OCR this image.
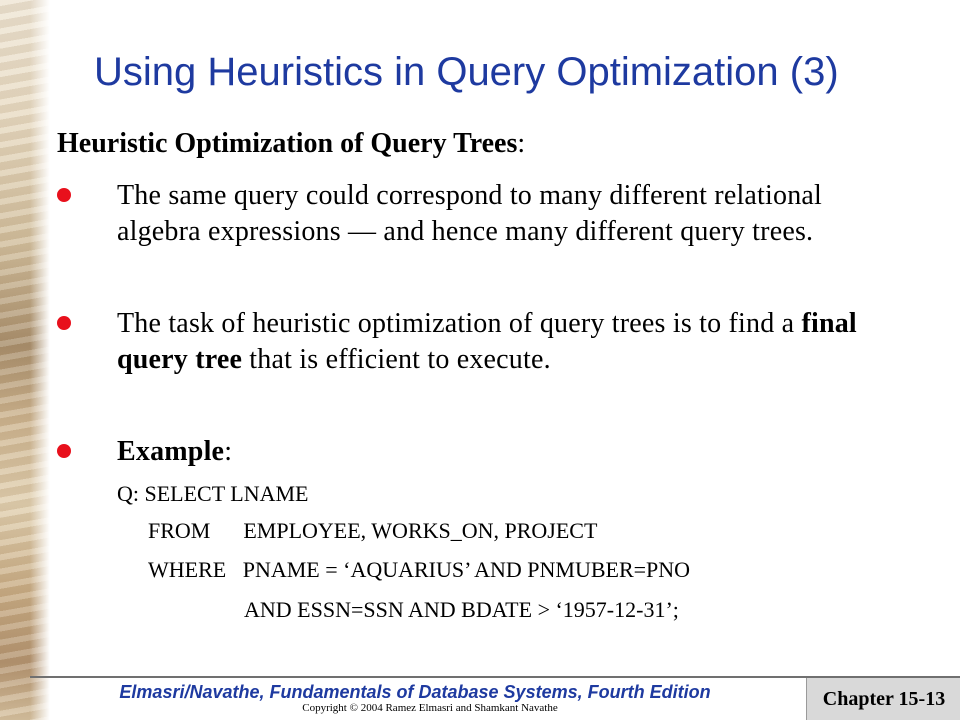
Using Heuristics in Query Optimization (3)
Heuristic Optimization of Query Trees:
The same query could correspond to many different relational algebra expressions — and hence many different query trees.
The task of heuristic optimization of query trees is to find a final query tree that is efficient to execute.
Example:
Q: SELECT LNAME
FROM      EMPLOYEE, WORKS_ON, PROJECT
WHERE   PNAME = ‘AQUARIUS’ AND PNMUBER=PNO
AND ESSN=SSN AND BDATE > ‘1957-12-31’;
Elmasri/Navathe, Fundamentals of Database Systems, Fourth Edition
Copyright © 2004 Ramez Elmasri and Shamkant Navathe	Chapter 15-13
